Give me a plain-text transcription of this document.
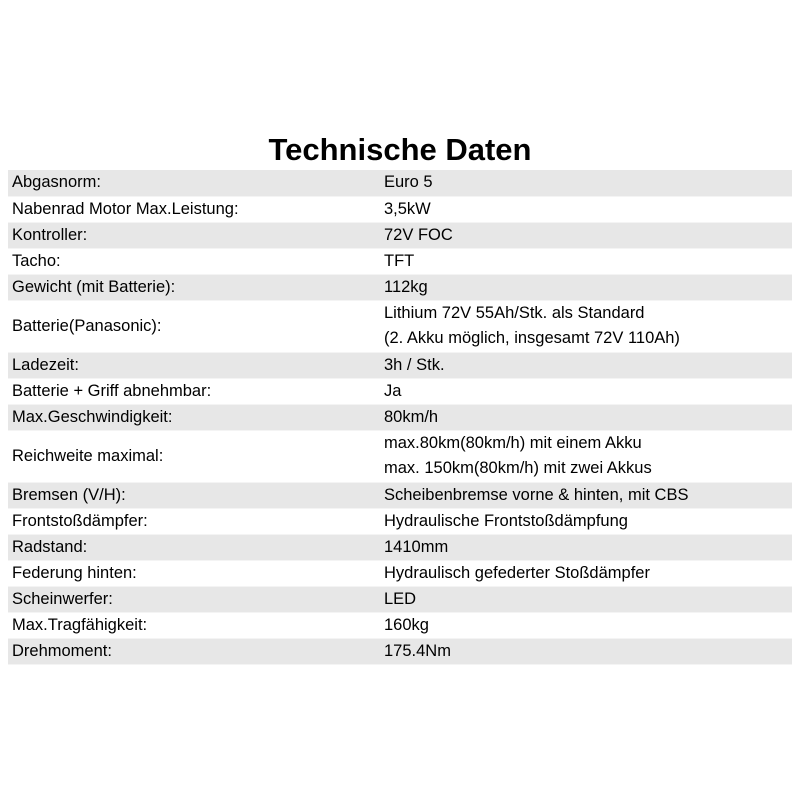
Technische Daten
Abgasnorm:	Euro 5

Nabenrad Motor Max.Leistung:	3,5kW

Kontroller:	72V FOC

Tacho:	TFT

Gewicht (mit Batterie):	112kg

Batterie(Panasonic):	Lithium 72V 55Ah/Stk. als Standard
(2. Akku möglich, insgesamt 72V 110Ah)

Ladezeit:	3h / Stk.

Batterie + Griff abnehmbar:	Ja

Max.Geschwindigkeit:	80km/h

Reichweite maximal:	max.80km(80km/h) mit einem Akku
max. 150km(80km/h) mit zwei Akkus

Bremsen (V/H):	Scheibenbremse vorne & hinten, mit CBS

Frontstoßdämpfer:	Hydraulische Frontstoßdämpfung

Radstand:	1410mm

Federung hinten:	Hydraulisch gefederter Stoßdämpfer

Scheinwerfer:	LED

Max.Tragfähigkeit:	160kg

Drehmoment:	175.4Nm
